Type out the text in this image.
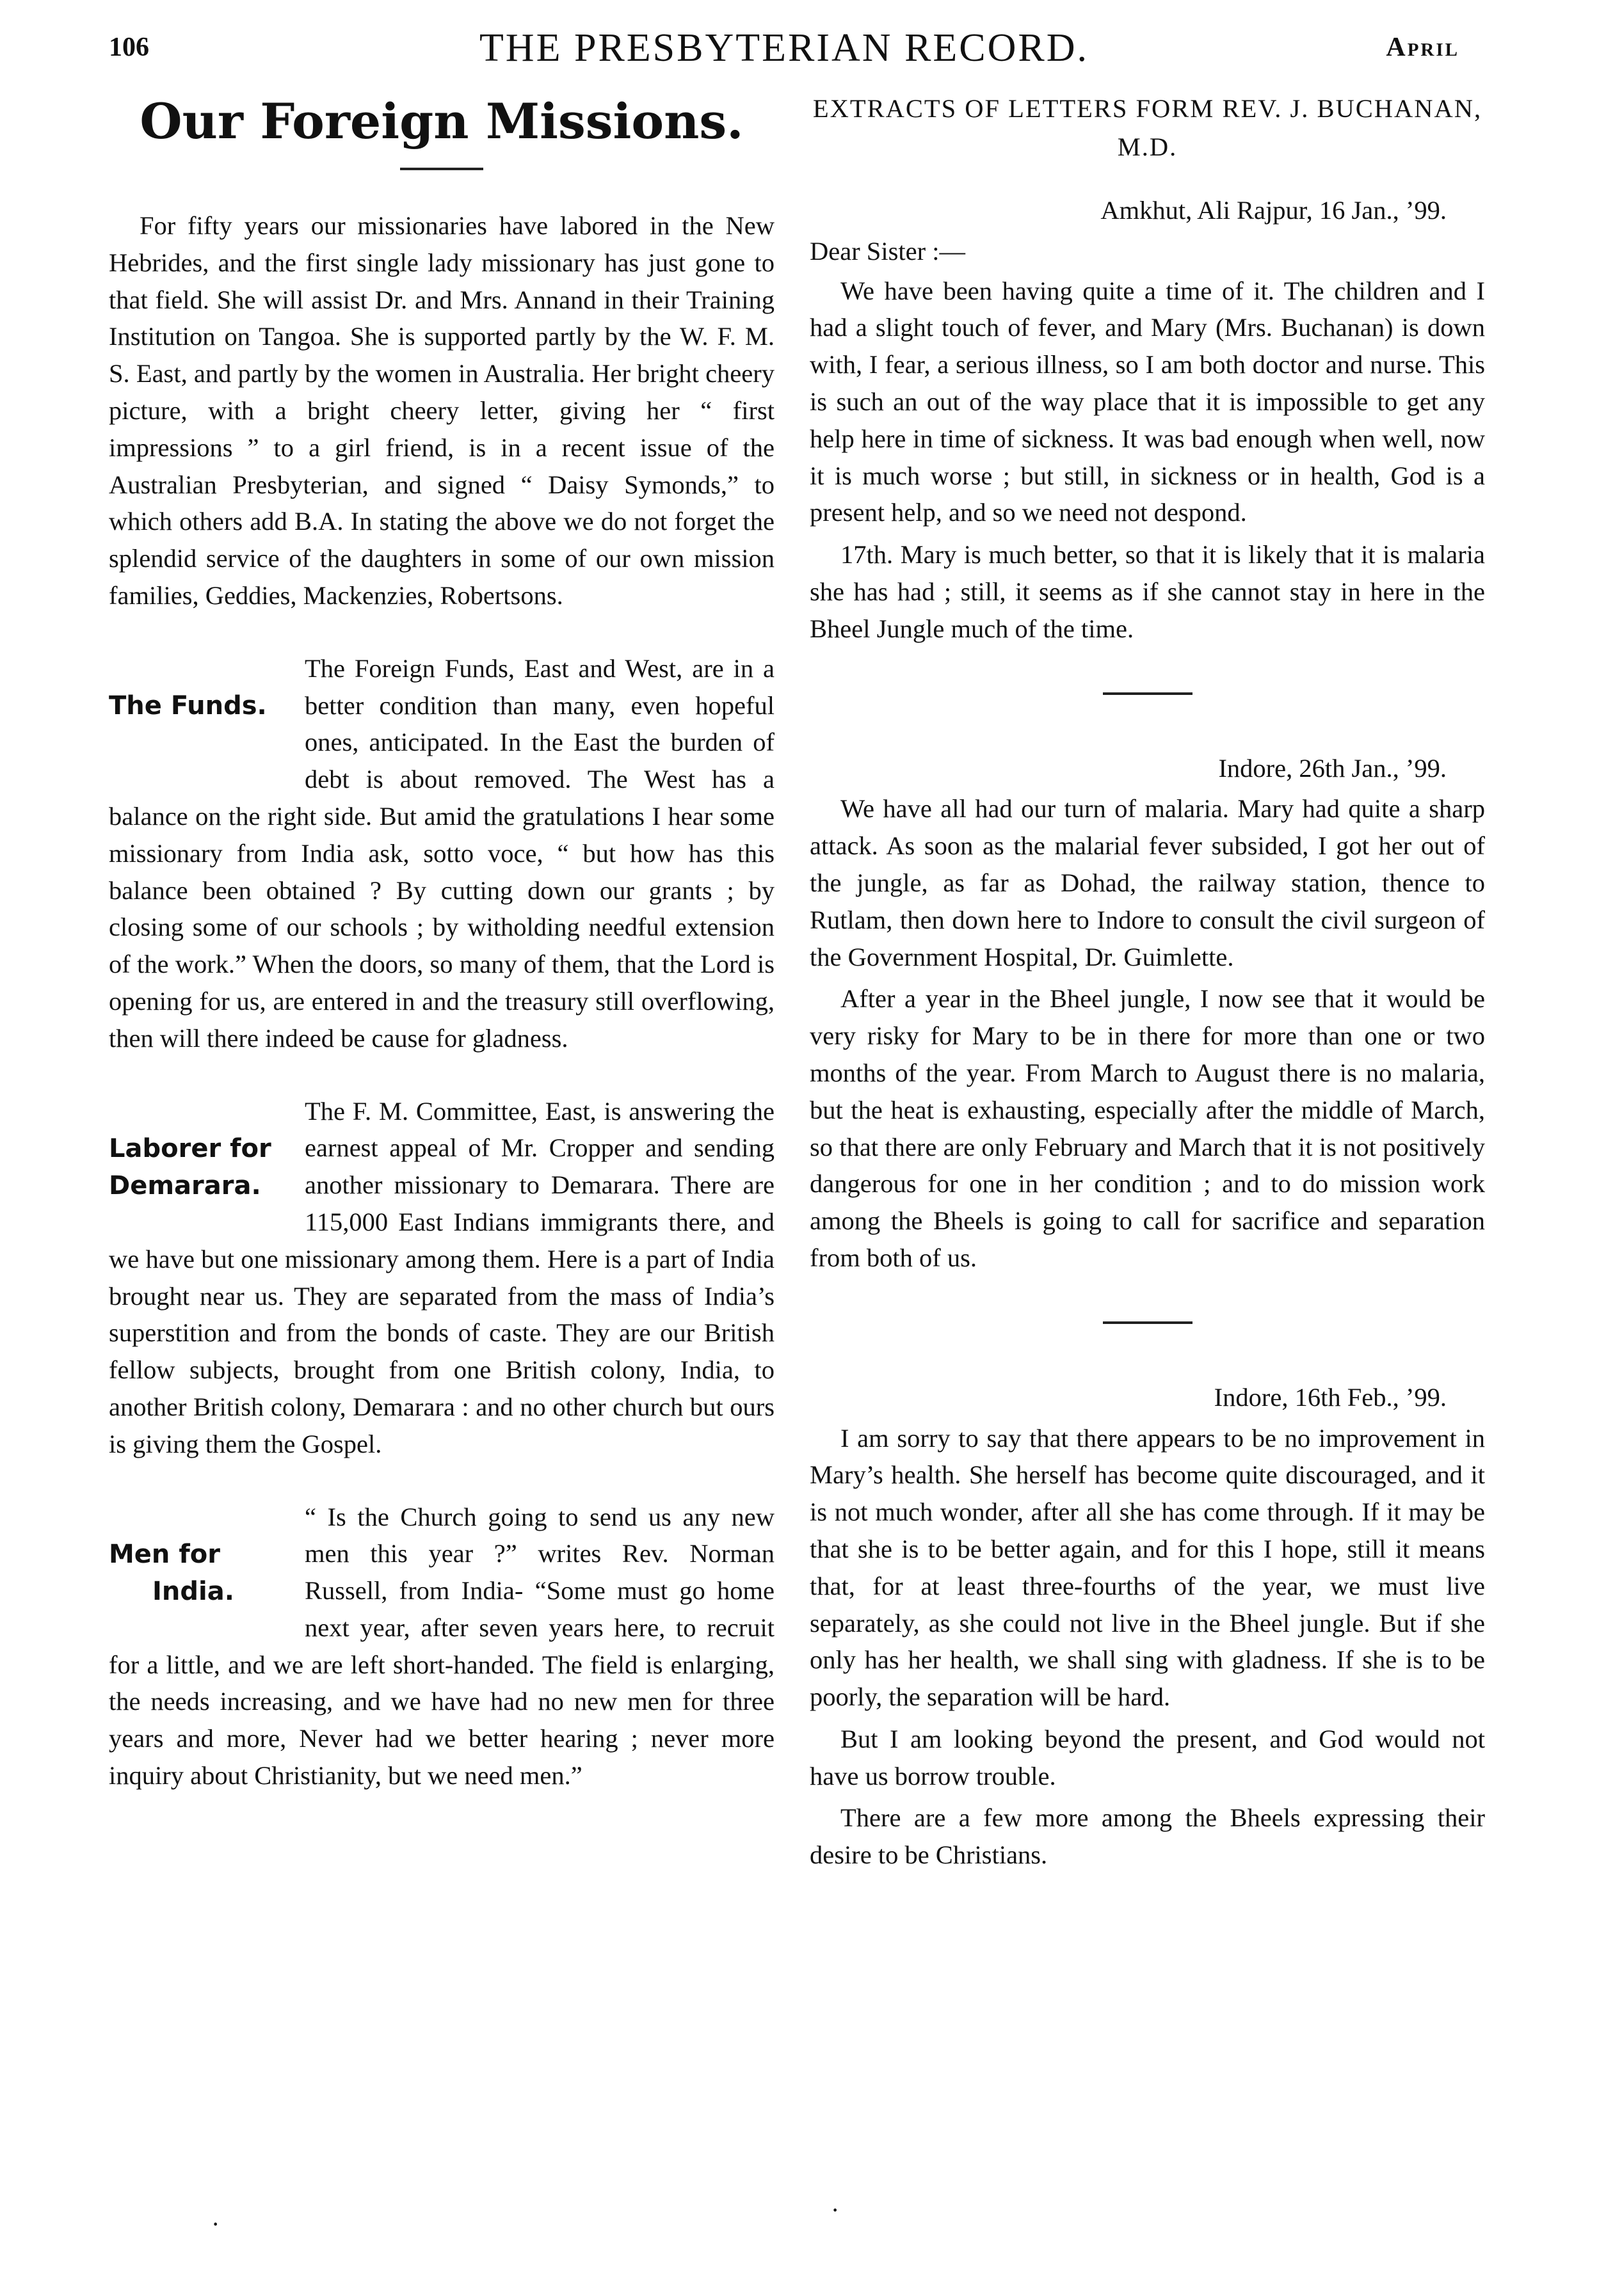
106	THE PRESBYTERIAN RECORD.	April
Our Foreign Missions.

For fifty years our missionaries have labored in the New Hebrides, and the first single lady missionary has just gone to that field. She will assist Dr. and Mrs. Annand in their Training Institution on Tangoa. She is supported partly by the W. F. M. S. East, and partly by the women in Australia. Her bright cheery picture, with a bright cheery letter, giving her “ first impressions ” to a girl friend, is in a recent issue of the Australian Presbyterian, and signed “ Daisy Symonds,” to which others add B.A. In stating the above we do not forget the splendid service of the daughters in some of our own mission families, Geddies, Mackenzies, Robertsons.

The Funds.

The Foreign Funds, East and West, are in a better condition than many, even hopeful ones, anticipated. In the East the burden of debt is about removed. The West has a balance on the right side. But amid the gratulations I hear some missionary from India ask, sotto voce, “ but how has this balance been obtained ? By cutting down our grants ; by closing some of our schools ; by witholding needful extension of the work.” When the doors, so many of them, that the Lord is opening for us, are entered in and the treasury still overflowing, then will there indeed be cause for gladness.

Laborer for
Demarara.

The F. M. Committee, East, is answering the earnest appeal of Mr. Cropper and sending another missionary to Demarara. There are 115,000 East Indians immigrants there, and we have but one missionary among them. Here is a part of India brought near us. They are separated from the mass of India’s superstition and from the bonds of caste. They are our British fellow subjects, brought from one British colony, India, to another British colony, Demarara : and no other church but ours is giving them the Gospel.

Men for
India.

“ Is the Church going to send us any new men this year ?” writes Rev. Norman Russell, from India- “Some must go home next year, after seven years here, to recruit for a little, and we are left short-handed. The field is enlarging, the needs increasing, and we have had no new men for three years and more, Never had we better hearing ; never more inquiry about Christianity, but we need men.”

EXTRACTS OF LETTERS FORM REV. J. BUCHANAN, M.D.

Amkhut, Ali Rajpur, 16 Jan., ’99.

Dear Sister :—

We have been having quite a time of it. The children and I had a slight touch of fever, and Mary (Mrs. Buchanan) is down with, I fear, a serious illness, so I am both doctor and nurse. This is such an out of the way place that it is impossible to get any help here in time of sickness. It was bad enough when well, now it is much worse ; but still, in sickness or in health, God is a present help, and so we need not despond.

17th. Mary is much better, so that it is likely that it is malaria she has had ; still, it seems as if she cannot stay in here in the Bheel Jungle much of the time.

Indore, 26th Jan., ’99.

We have all had our turn of malaria. Mary had quite a sharp attack. As soon as the malarial fever subsided, I got her out of the jungle, as far as Dohad, the railway station, thence to Rutlam, then down here to Indore to consult the civil surgeon of the Government Hospital, Dr. Guimlette.

After a year in the Bheel jungle, I now see that it would be very risky for Mary to be in there for more than one or two months of the year. From March to August there is no malaria, but the heat is exhausting, especially after the middle of March, so that there are only February and March that it is not positively dangerous for one in her condition ; and to do mission work among the Bheels is going to call for sacrifice and separation from both of us.

Indore, 16th Feb., ’99.

I am sorry to say that there appears to be no improvement in Mary’s health. She herself has become quite discouraged, and it is not much wonder, after all she has come through. If it may be that she is to be better again, and for this I hope, still it means that, for at least three-fourths of the year, we must live separately, as she could not live in the Bheel jungle. But if she only has her health, we shall sing with gladness. If she is to be poorly, the separation will be hard.

But I am looking beyond the present, and God would not have us borrow trouble.

There are a few more among the Bheels expressing their desire to be Christians.

·	·
